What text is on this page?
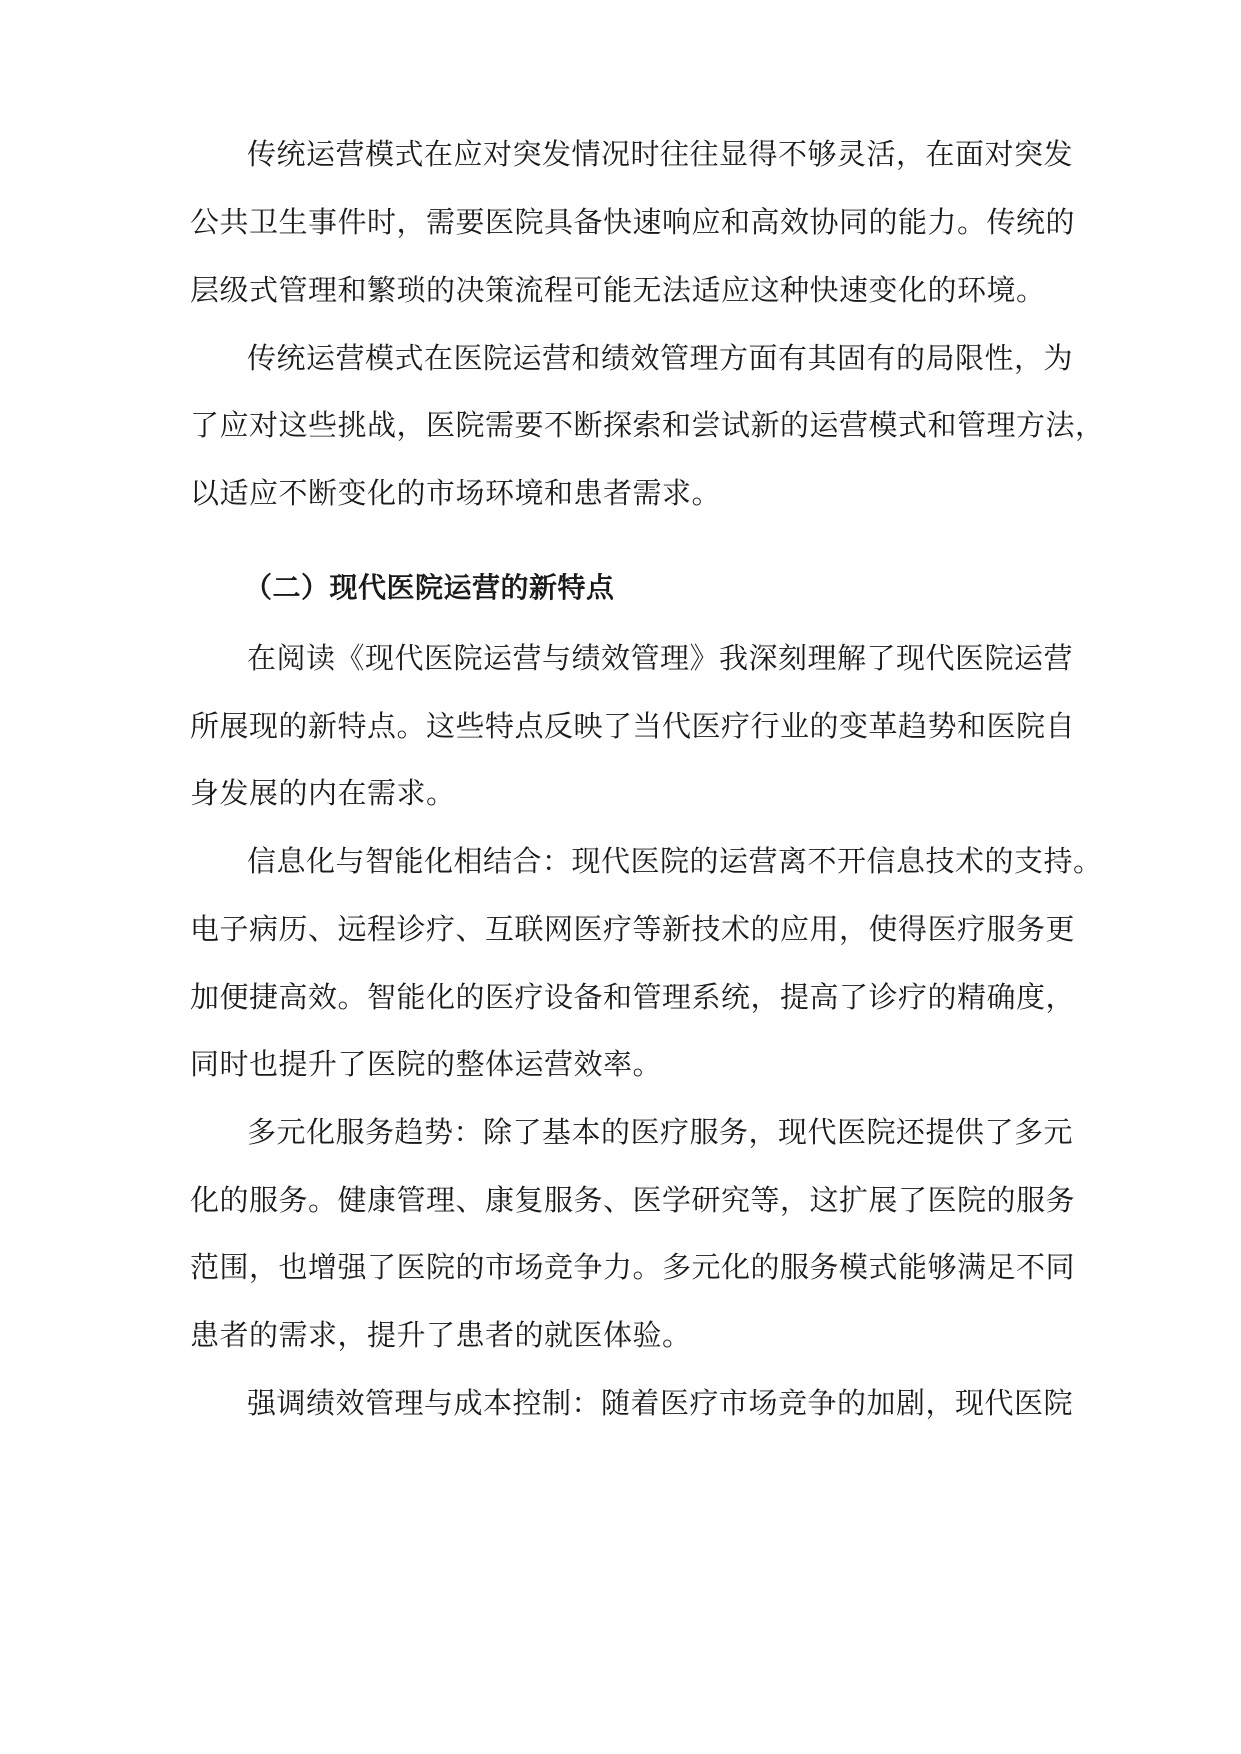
传统运营模式在应对突发情况时往往显得不够灵活，在面对突发

公共卫生事件时，需要医院具备快速响应和高效协同的能力。传统的

层级式管理和繁琐的决策流程可能无法适应这种快速变化的环境。

传统运营模式在医院运营和绩效管理方面有其固有的局限性，为

了应对这些挑战，医院需要不断探索和尝试新的运营模式和管理方法，

以适应不断变化的市场环境和患者需求。

（二）现代医院运营的新特点

在阅读《现代医院运营与绩效管理》我深刻理解了现代医院运营

所展现的新特点。这些特点反映了当代医疗行业的变革趋势和医院自

身发展的内在需求。

信息化与智能化相结合：现代医院的运营离不开信息技术的支持。

电子病历、远程诊疗、互联网医疗等新技术的应用，使得医疗服务更

加便捷高效。智能化的医疗设备和管理系统，提高了诊疗的精确度，

同时也提升了医院的整体运营效率。

多元化服务趋势：除了基本的医疗服务，现代医院还提供了多元

化的服务。健康管理、康复服务、医学研究等，这扩展了医院的服务

范围，也增强了医院的市场竞争力。多元化的服务模式能够满足不同

患者的需求，提升了患者的就医体验。

强调绩效管理与成本控制：随着医疗市场竞争的加剧，现代医院
